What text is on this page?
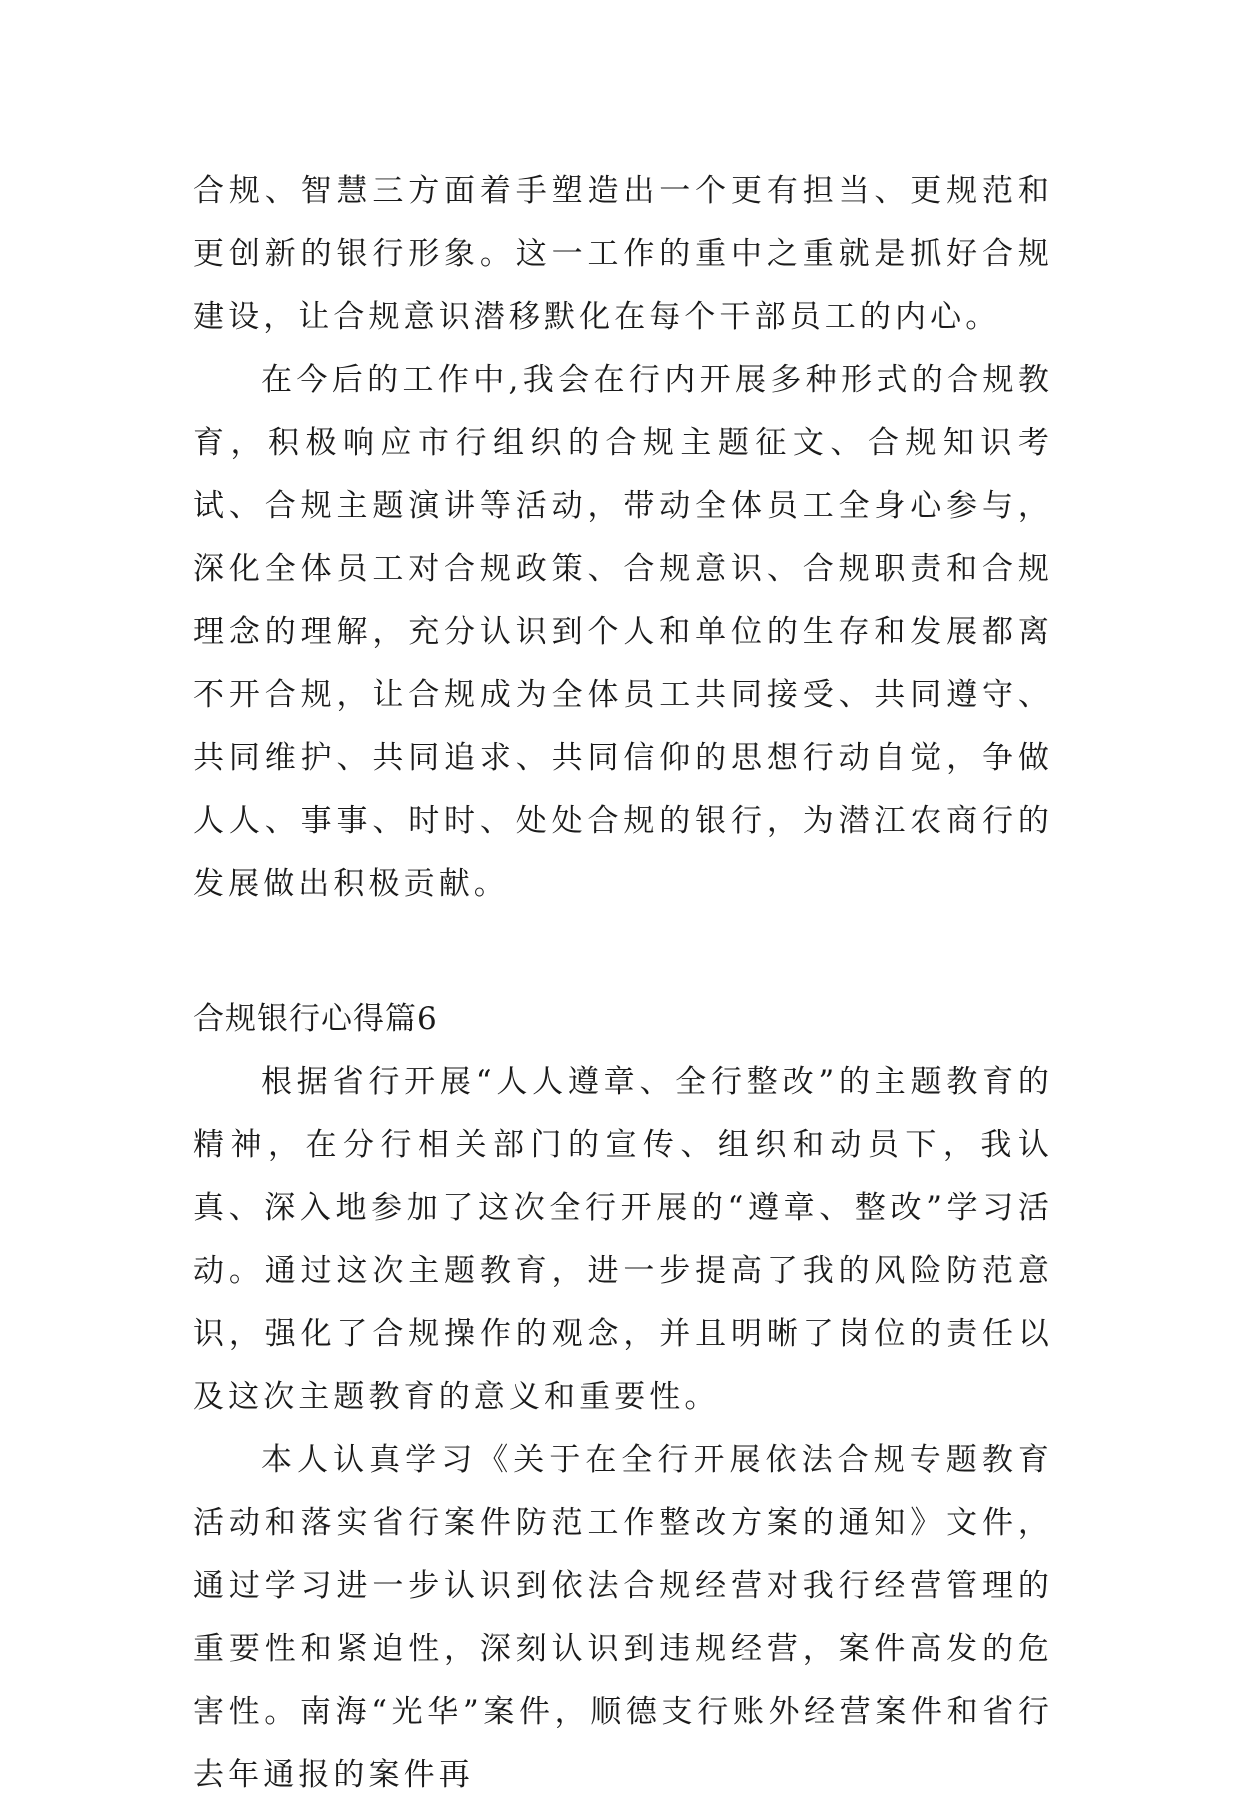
合规、智慧三方面着手塑造出一个更有担当、更规范和更创新的银行形象。这一工作的重中之重就是抓好合规建设，让合规意识潜移默化在每个干部员工的内心。

在今后的工作中,我会在行内开展多种形式的合规教育，积极响应市行组织的合规主题征文、合规知识考试、合规主题演讲等活动，带动全体员工全身心参与，深化全体员工对合规政策、合规意识、合规职责和合规理念的理解，充分认识到个人和单位的生存和发展都离不开合规，让合规成为全体员工共同接受、共同遵守、共同维护、共同追求、共同信仰的思想行动自觉，争做人人、事事、时时、处处合规的银行，为潜江农商行的发展做出积极贡献。

合规银行心得篇6

根据省行开展“人人遵章、全行整改”的主题教育的精神，在分行相关部门的宣传、组织和动员下，我认真、深入地参加了这次全行开展的“遵章、整改”学习活动。通过这次主题教育，进一步提高了我的风险防范意识，强化了合规操作的观念，并且明晰了岗位的责任以及这次主题教育的意义和重要性。

本人认真学习《关于在全行开展依法合规专题教育活动和落实省行案件防范工作整改方案的通知》文件，通过学习进一步认识到依法合规经营对我行经营管理的重要性和紧迫性，深刻认识到违规经营，案件高发的危害性。南海“光华”案件，顺德支行账外经营案件和省行去年通报的案件再
